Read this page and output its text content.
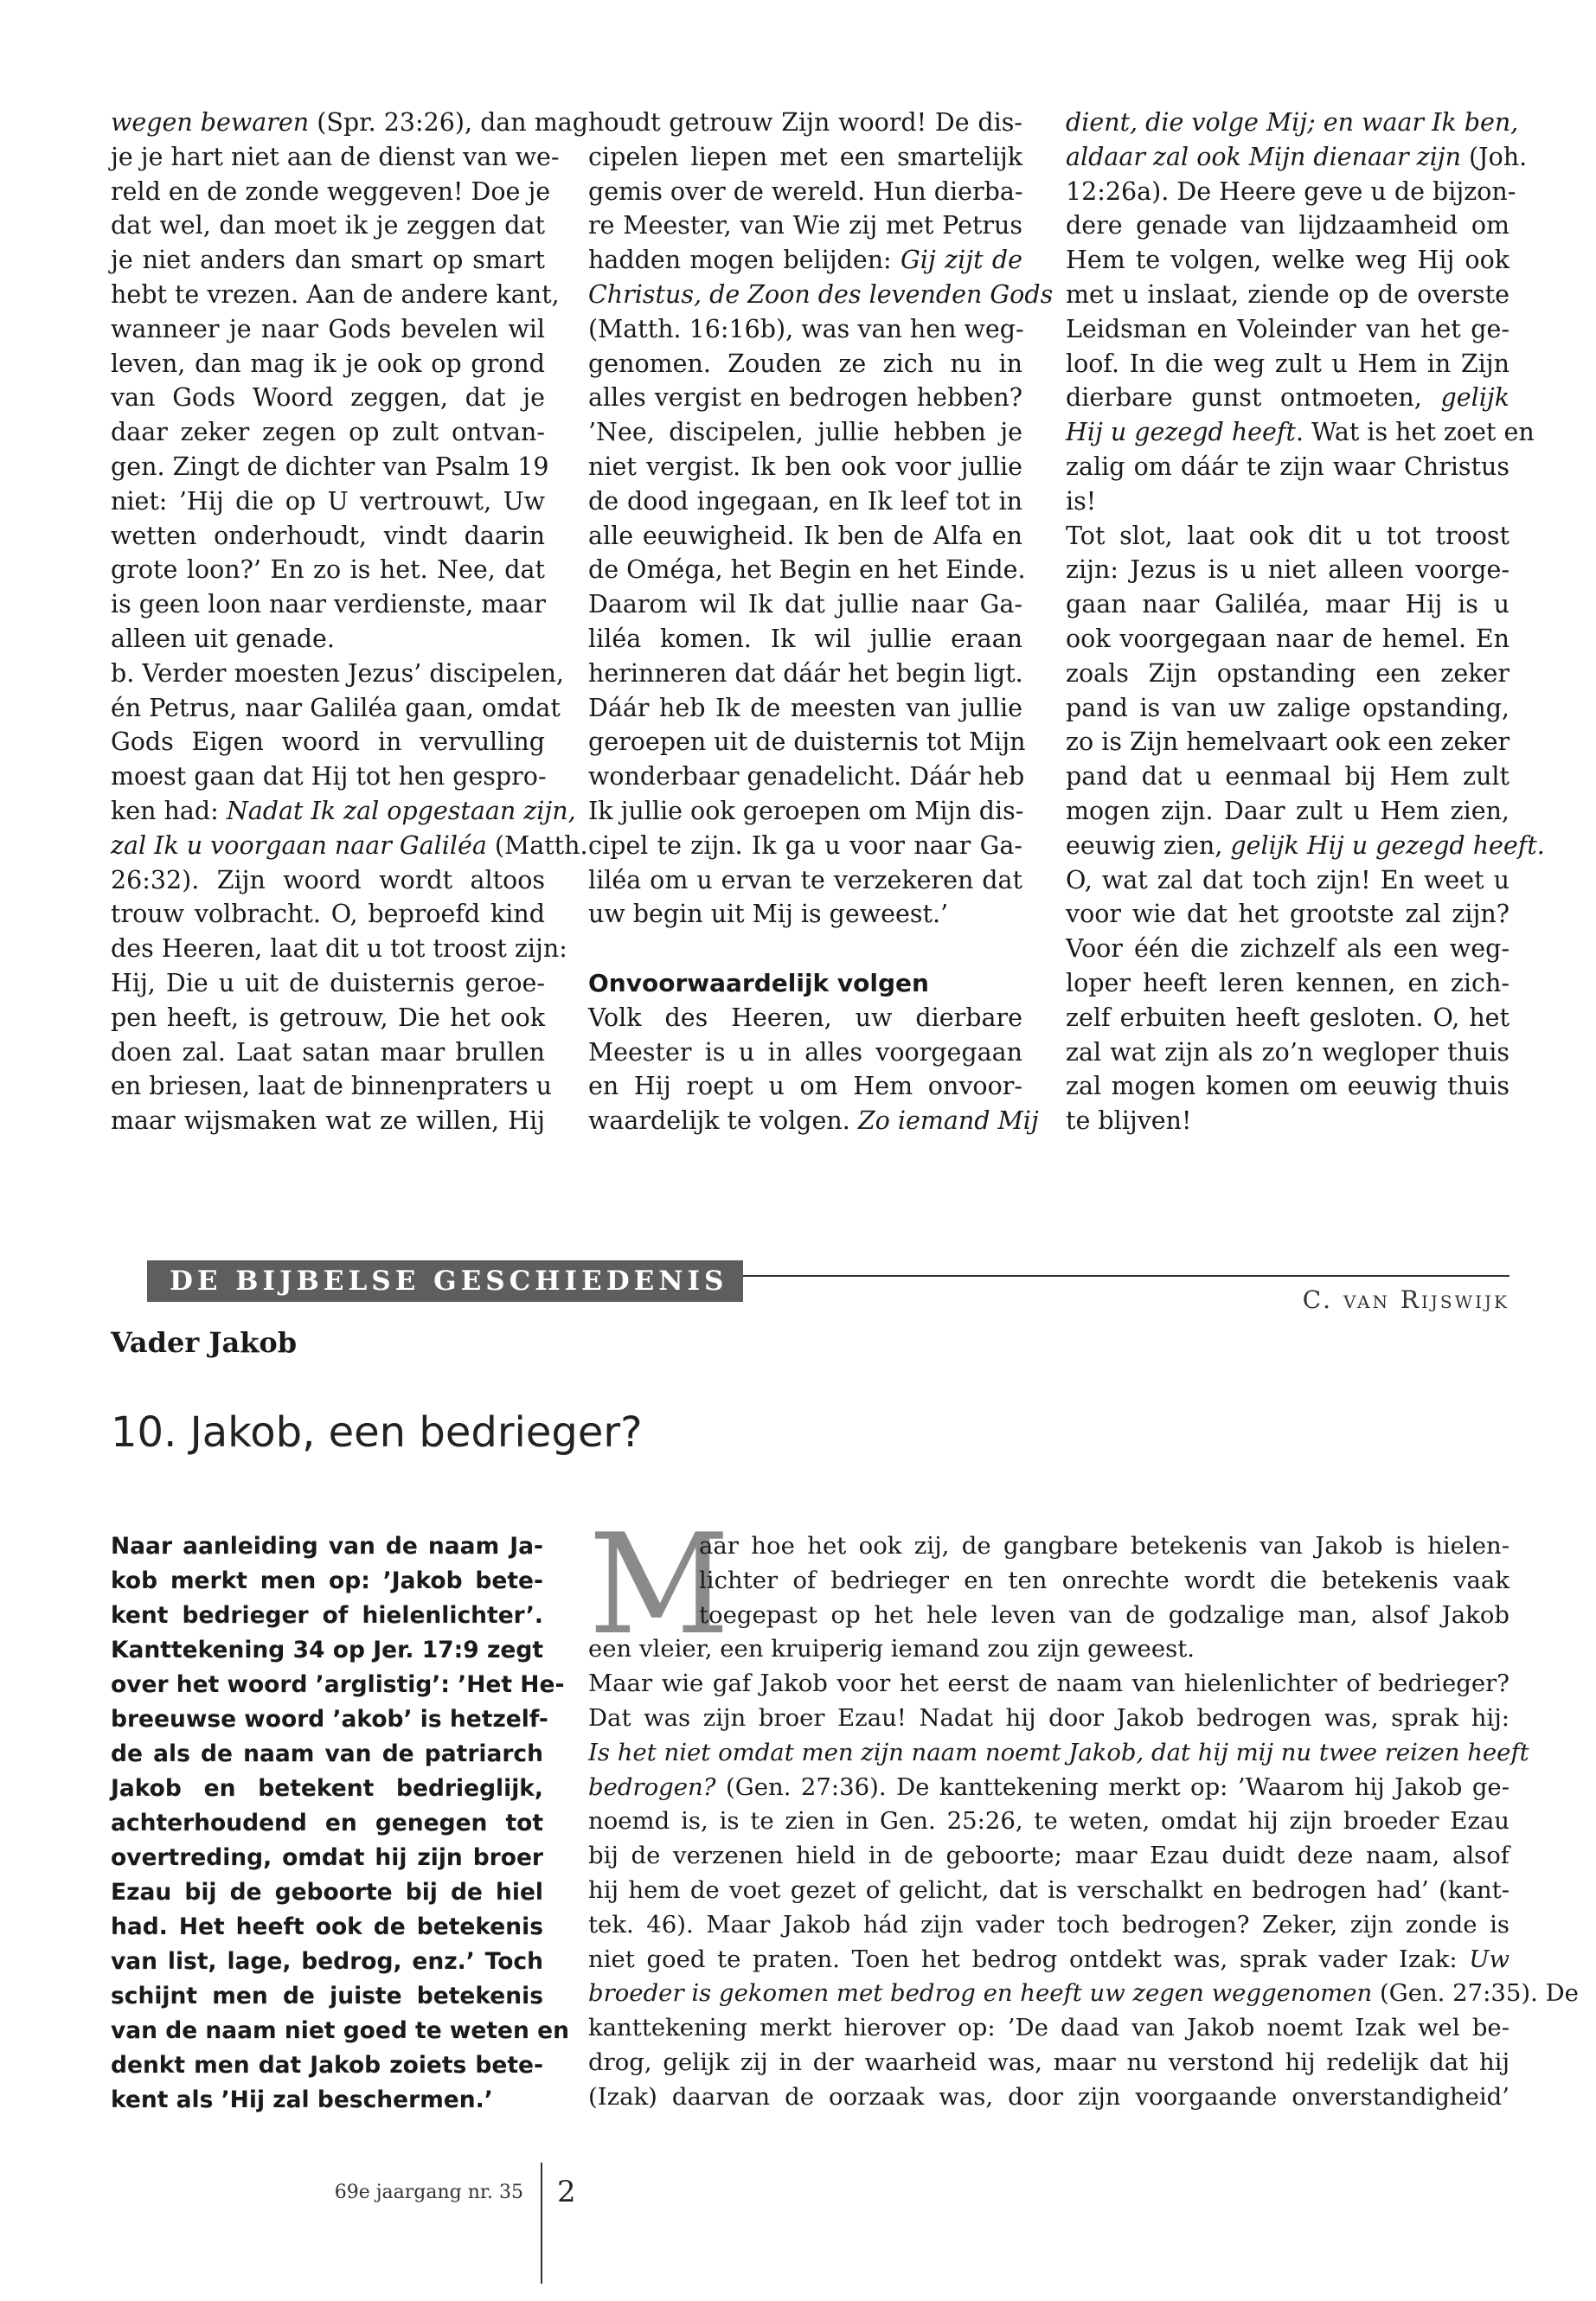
wegen bewaren (Spr. 23:26), dan mag

je je hart niet aan de dienst van we-

reld en de zonde weggeven! Doe je

dat wel, dan moet ik je zeggen dat

je niet anders dan smart op smart

hebt te vrezen. Aan de andere kant,

wanneer je naar Gods bevelen wil

leven, dan mag ik je ook op grond

van Gods Woord zeggen, dat je

daar zeker zegen op zult ontvan-

gen. Zingt de dichter van Psalm 19

niet: ’Hij die op U vertrouwt, Uw

wetten onderhoudt, vindt daarin

grote loon?’ En zo is het. Nee, dat

is geen loon naar verdienste, maar

alleen uit genade.

b. Verder moesten Jezus’ discipelen,

én Petrus, naar Galiléa gaan, omdat

Gods Eigen woord in vervulling

moest gaan dat Hij tot hen gespro-

ken had: Nadat Ik zal opgestaan zijn,

zal Ik u voorgaan naar Galiléa (Matth.

26:32). Zijn woord wordt altoos

trouw volbracht. O, beproefd kind

des Heeren, laat dit u tot troost zijn:

Hij, Die u uit de duisternis geroe-

pen heeft, is getrouw, Die het ook

doen zal. Laat satan maar brullen

en briesen, laat de binnenpraters u

maar wijsmaken wat ze willen, Hij

houdt getrouw Zijn woord! De dis-

cipelen liepen met een smartelijk

gemis over de wereld. Hun dierba-

re Meester, van Wie zij met Petrus

hadden mogen belijden: Gij zijt de

Christus, de Zoon des levenden Gods

(Matth. 16:16b), was van hen weg-

genomen. Zouden ze zich nu in

alles vergist en bedrogen hebben?

’Nee, discipelen, jullie hebben je

niet vergist. Ik ben ook voor jullie

de dood ingegaan, en Ik leef tot in

alle eeuwigheid. Ik ben de Alfa en

de Oméga, het Begin en het Einde.

Daarom wil Ik dat jullie naar Ga-

liléa komen. Ik wil jullie eraan

herinneren dat dáár het begin ligt.

Dáár heb Ik de meesten van jullie

geroepen uit de duisternis tot Mijn

wonderbaar genadelicht. Dáár heb

Ik jullie ook geroepen om Mijn dis-

cipel te zijn. Ik ga u voor naar Ga-

liléa om u ervan te verzekeren dat

uw begin uit Mij is geweest.’

Onvoorwaardelijk volgen

Volk des Heeren, uw dierbare

Meester is u in alles voorgegaan

en Hij roept u om Hem onvoor-

waardelijk te volgen. Zo iemand Mij

dient, die volge Mij; en waar Ik ben,

aldaar zal ook Mijn dienaar zijn (Joh.

12:26a). De Heere geve u de bijzon-

dere genade van lijdzaamheid om

Hem te volgen, welke weg Hij ook

met u inslaat, ziende op de overste

Leidsman en Voleinder van het ge-

loof. In die weg zult u Hem in Zijn

dierbare gunst ontmoeten, gelijk

Hij u gezegd heeft. Wat is het zoet en

zalig om dáár te zijn waar Christus

is!

Tot slot, laat ook dit u tot troost

zijn: Jezus is u niet alleen voorge-

gaan naar Galiléa, maar Hij is u

ook voorgegaan naar de hemel. En

zoals Zijn opstanding een zeker

pand is van uw zalige opstanding,

zo is Zijn hemelvaart ook een zeker

pand dat u eenmaal bij Hem zult

mogen zijn. Daar zult u Hem zien,

eeuwig zien, gelijk Hij u gezegd heeft.

O, wat zal dat toch zijn! En weet u

voor wie dat het grootste zal zijn?

Voor één die zichzelf als een weg-

loper heeft leren kennen, en zich-

zelf erbuiten heeft gesloten. O, het

zal wat zijn als zo’n wegloper thuis

zal mogen komen om eeuwig thuis

te blijven!

DE BIJBELSE GESCHIEDENIS
C. van Rijswijk
Vader Jakob
10. Jakob, een bedrieger?

Naar aanleiding van de naam Ja-

kob merkt men op: ’Jakob bete-

kent bedrieger of hielenlichter’.

Kanttekening 34 op Jer. 17:9 zegt

over het woord ’arglistig’: ’Het He-

breeuwse woord ’akob’ is hetzelf-

de als de naam van de patriarch

Jakob en betekent bedrieglijk,

achterhoudend en genegen tot

overtreding, omdat hij zijn broer

Ezau bij de geboorte bij de hiel

had. Het heeft ook de betekenis

van list, lage, bedrog, enz.’ Toch

schijnt men de juiste betekenis

van de naam niet goed te weten en

denkt men dat Jakob zoiets bete-

kent als ’Hij zal beschermen.’

M

aar hoe het ook zij, de gangbare betekenis van Jakob is hielen-

lichter of bedrieger en ten onrechte wordt die betekenis vaak

toegepast op het hele leven van de godzalige man, alsof Jakob

een vleier, een kruiperig iemand zou zijn geweest.

Maar wie gaf Jakob voor het eerst de naam van hielenlichter of bedrieger?

Dat was zijn broer Ezau! Nadat hij door Jakob bedrogen was, sprak hij:

Is het niet omdat men zijn naam noemt Jakob, dat hij mij nu twee reizen heeft

bedrogen? (Gen. 27:36). De kanttekening merkt op: ’Waarom hij Jakob ge-

noemd is, is te zien in Gen. 25:26, te weten, omdat hij zijn broeder Ezau

bij de verzenen hield in de geboorte; maar Ezau duidt deze naam, alsof

hij hem de voet gezet of gelicht, dat is verschalkt en bedrogen had’ (kant-

tek. 46). Maar Jakob hád zijn vader toch bedrogen? Zeker, zijn zonde is

niet goed te praten. Toen het bedrog ontdekt was, sprak vader Izak: Uw

broeder is gekomen met bedrog en heeft uw zegen weggenomen (Gen. 27:35). De

kanttekening merkt hierover op: ’De daad van Jakob noemt Izak wel be-

drog, gelijk zij in der waarheid was, maar nu verstond hij redelijk dat hij

(Izak) daarvan de oorzaak was, door zijn voorgaande onverstandigheid’

69e jaargang nr. 35 2
